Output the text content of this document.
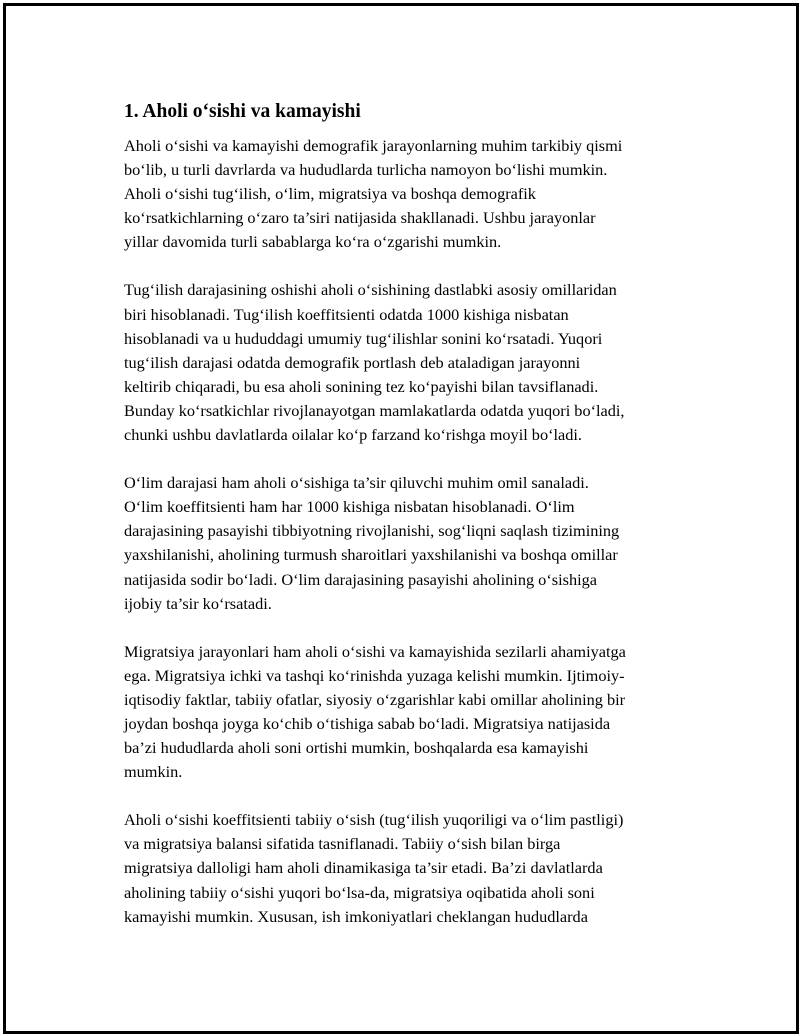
1. Aholi o‘sishi va kamayishi

Aholi o‘sishi va kamayishi demografik jarayonlarning muhim tarkibiy qismi
bo‘lib, u turli davrlarda va hududlarda turlicha namoyon bo‘lishi mumkin.
Aholi o‘sishi tug‘ilish, o‘lim, migratsiya va boshqa demografik
ko‘rsatkichlarning o‘zaro ta’siri natijasida shakllanadi. Ushbu jarayonlar
yillar davomida turli sabablarga ko‘ra o‘zgarishi mumkin.

Tug‘ilish darajasining oshishi aholi o‘sishining dastlabki asosiy omillaridan
biri hisoblanadi. Tug‘ilish koeffitsienti odatda 1000 kishiga nisbatan
hisoblanadi va u hududdagi umumiy tug‘ilishlar sonini ko‘rsatadi. Yuqori
tug‘ilish darajasi odatda demografik portlash deb ataladigan jarayonni
keltirib chiqaradi, bu esa aholi sonining tez ko‘payishi bilan tavsiflanadi.
Bunday ko‘rsatkichlar rivojlanayotgan mamlakatlarda odatda yuqori bo‘ladi,
chunki ushbu davlatlarda oilalar ko‘p farzand ko‘rishga moyil bo‘ladi.

O‘lim darajasi ham aholi o‘sishiga ta’sir qiluvchi muhim omil sanaladi.
O‘lim koeffitsienti ham har 1000 kishiga nisbatan hisoblanadi. O‘lim
darajasining pasayishi tibbiyotning rivojlanishi, sog‘liqni saqlash tizimining
yaxshilanishi, aholining turmush sharoitlari yaxshilanishi va boshqa omillar
natijasida sodir bo‘ladi. O‘lim darajasining pasayishi aholining o‘sishiga
ijobiy ta’sir ko‘rsatadi.

Migratsiya jarayonlari ham aholi o‘sishi va kamayishida sezilarli ahamiyatga
ega. Migratsiya ichki va tashqi ko‘rinishda yuzaga kelishi mumkin. Ijtimoiy-
iqtisodiy faktlar, tabiiy ofatlar, siyosiy o‘zgarishlar kabi omillar aholining bir
joydan boshqa joyga ko‘chib o‘tishiga sabab bo‘ladi. Migratsiya natijasida
ba’zi hududlarda aholi soni ortishi mumkin, boshqalarda esa kamayishi
mumkin.

Aholi o‘sishi koeffitsienti tabiiy o‘sish (tug‘ilish yuqoriligi va o‘lim pastligi)
va migratsiya balansi sifatida tasniflanadi. Tabiiy o‘sish bilan birga
migratsiya dalloligi ham aholi dinamikasiga ta’sir etadi. Ba’zi davlatlarda
aholining tabiiy o‘sishi yuqori bo‘lsa-da, migratsiya oqibatida aholi soni
kamayishi mumkin. Xususan, ish imkoniyatlari cheklangan hududlarda
